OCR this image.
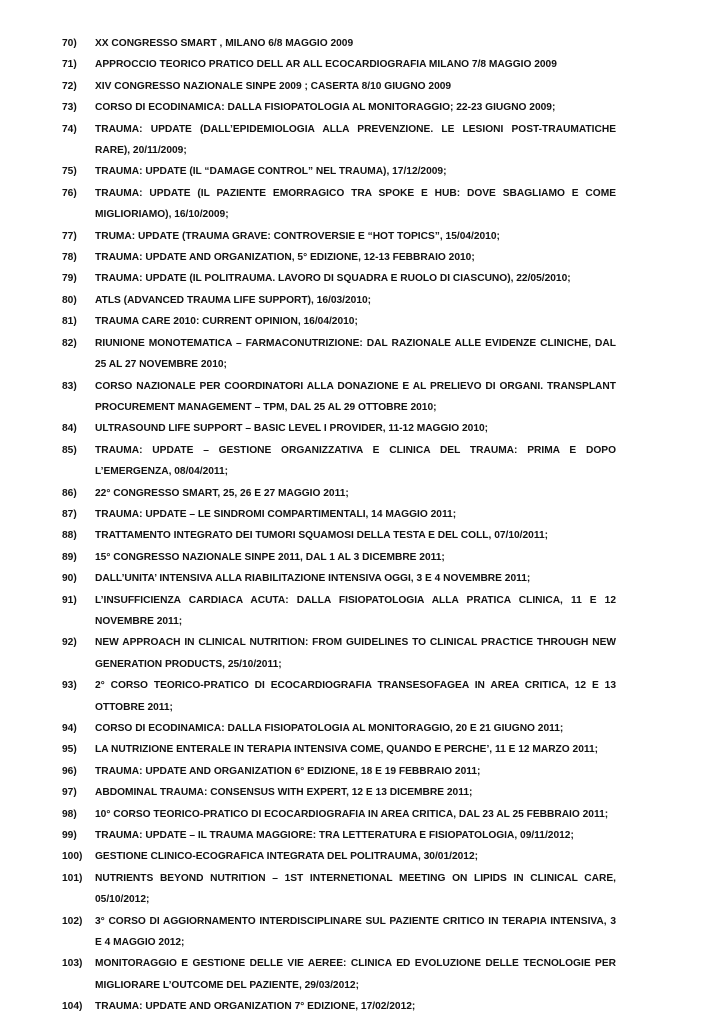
70)	XX CONGRESSO SMART , MILANO 6/8 MAGGIO 2009
71)	APPROCCIO TEORICO PRATICO DELL AR ALL ECOCARDIOGRAFIA MILANO 7/8 MAGGIO 2009
72)	XIV CONGRESSO NAZIONALE SINPE 2009 ; CASERTA 8/10 GIUGNO 2009
73)	CORSO DI ECODINAMICA: DALLA FISIOPATOLOGIA AL MONITORAGGIO; 22-23 GIUGNO 2009;
74)	TRAUMA: UPDATE (DALL’EPIDEMIOLOGIA ALLA PREVENZIONE. LE LESIONI POST-TRAUMATICHE RARE), 20/11/2009;
75)	TRAUMA: UPDATE (IL “DAMAGE CONTROL” NEL TRAUMA), 17/12/2009;
76)	TRAUMA: UPDATE (IL PAZIENTE EMORRAGICO TRA SPOKE E HUB: DOVE SBAGLIAMO E COME MIGLIORIAMO), 16/10/2009;
77)	TRUMA: UPDATE (TRAUMA GRAVE: CONTROVERSIE E “HOT TOPICS”, 15/04/2010;
78)	TRAUMA: UPDATE AND ORGANIZATION, 5° EDIZIONE, 12-13 FEBBRAIO 2010;
79)	TRAUMA: UPDATE (IL POLITRAUMA. LAVORO DI SQUADRA E RUOLO DI CIASCUNO), 22/05/2010;
80)	ATLS (ADVANCED TRAUMA LIFE SUPPORT), 16/03/2010;
81)	TRAUMA CARE 2010: CURRENT OPINION, 16/04/2010;
82)	RIUNIONE MONOTEMATICA – FARMACONUTRIZIONE: DAL RAZIONALE ALLE EVIDENZE CLINICHE, DAL 25 AL 27 NOVEMBRE 2010;
83)	CORSO NAZIONALE PER COORDINATORI ALLA DONAZIONE E AL PRELIEVO DI ORGANI. TRANSPLANT PROCUREMENT MANAGEMENT – TPM, DAL 25 AL 29 OTTOBRE 2010;
84)	ULTRASOUND LIFE SUPPORT – BASIC LEVEL I PROVIDER, 11-12 MAGGIO 2010;
85)	TRAUMA: UPDATE – GESTIONE ORGANIZZATIVA E CLINICA DEL TRAUMA: PRIMA E DOPO L’EMERGENZA, 08/04/2011;
86)	22° CONGRESSO SMART, 25, 26 E 27 MAGGIO 2011;
87)	TRAUMA: UPDATE – LE SINDROMI COMPARTIMENTALI, 14 MAGGIO 2011;
88)	TRATTAMENTO INTEGRATO DEI TUMORI SQUAMOSI DELLA TESTA E DEL COLL, 07/10/2011;
89)	15° CONGRESSO NAZIONALE SINPE 2011, DAL 1 AL 3 DICEMBRE 2011;
90)	DALL’UNITA’ INTENSIVA ALLA RIABILITAZIONE INTENSIVA OGGI, 3 E 4 NOVEMBRE 2011;
91)	L’INSUFFICIENZA CARDIACA ACUTA: DALLA FISIOPATOLOGIA ALLA PRATICA CLINICA, 11 E 12 NOVEMBRE 2011;
92)	NEW APPROACH IN CLINICAL NUTRITION: FROM GUIDELINES TO CLINICAL PRACTICE THROUGH NEW GENERATION PRODUCTS, 25/10/2011;
93)	2° CORSO TEORICO-PRATICO DI ECOCARDIOGRAFIA TRANSESOFAGEA IN AREA CRITICA, 12 E 13 OTTOBRE 2011;
94)	CORSO DI ECODINAMICA: DALLA FISIOPATOLOGIA AL MONITORAGGIO, 20 E 21 GIUGNO 2011;
95)	LA NUTRIZIONE ENTERALE IN TERAPIA INTENSIVA COME, QUANDO E PERCHE’, 11 E 12 MARZO 2011;
96)	TRAUMA: UPDATE AND ORGANIZATION 6° EDIZIONE, 18 E 19 FEBBRAIO 2011;
97)	ABDOMINAL TRAUMA: CONSENSUS WITH EXPERT, 12 E 13 DICEMBRE 2011;
98)	10° CORSO TEORICO-PRATICO DI ECOCARDIOGRAFIA IN AREA CRITICA, DAL 23 AL 25 FEBBRAIO 2011;
99)	TRAUMA: UPDATE – IL TRAUMA MAGGIORE: TRA LETTERATURA E FISIOPATOLOGIA, 09/11/2012;
100)	GESTIONE CLINICO-ECOGRAFICA INTEGRATA DEL POLITRAUMA, 30/01/2012;
101)	NUTRIENTS BEYOND NUTRITION – 1ST INTERNETIONAL MEETING ON LIPIDS IN CLINICAL CARE, 05/10/2012;
102)	3° CORSO DI AGGIORNAMENTO INTERDISCIPLINARE SUL PAZIENTE CRITICO IN TERAPIA INTENSIVA, 3 E 4 MAGGIO 2012;
103)	MONITORAGGIO E GESTIONE DELLE VIE AEREE: CLINICA ED EVOLUZIONE DELLE TECNOLOGIE PER MIGLIORARE L’OUTCOME DEL PAZIENTE, 29/03/2012;
104)	TRAUMA: UPDATE AND ORGANIZATION 7° EDIZIONE, 17/02/2012;
